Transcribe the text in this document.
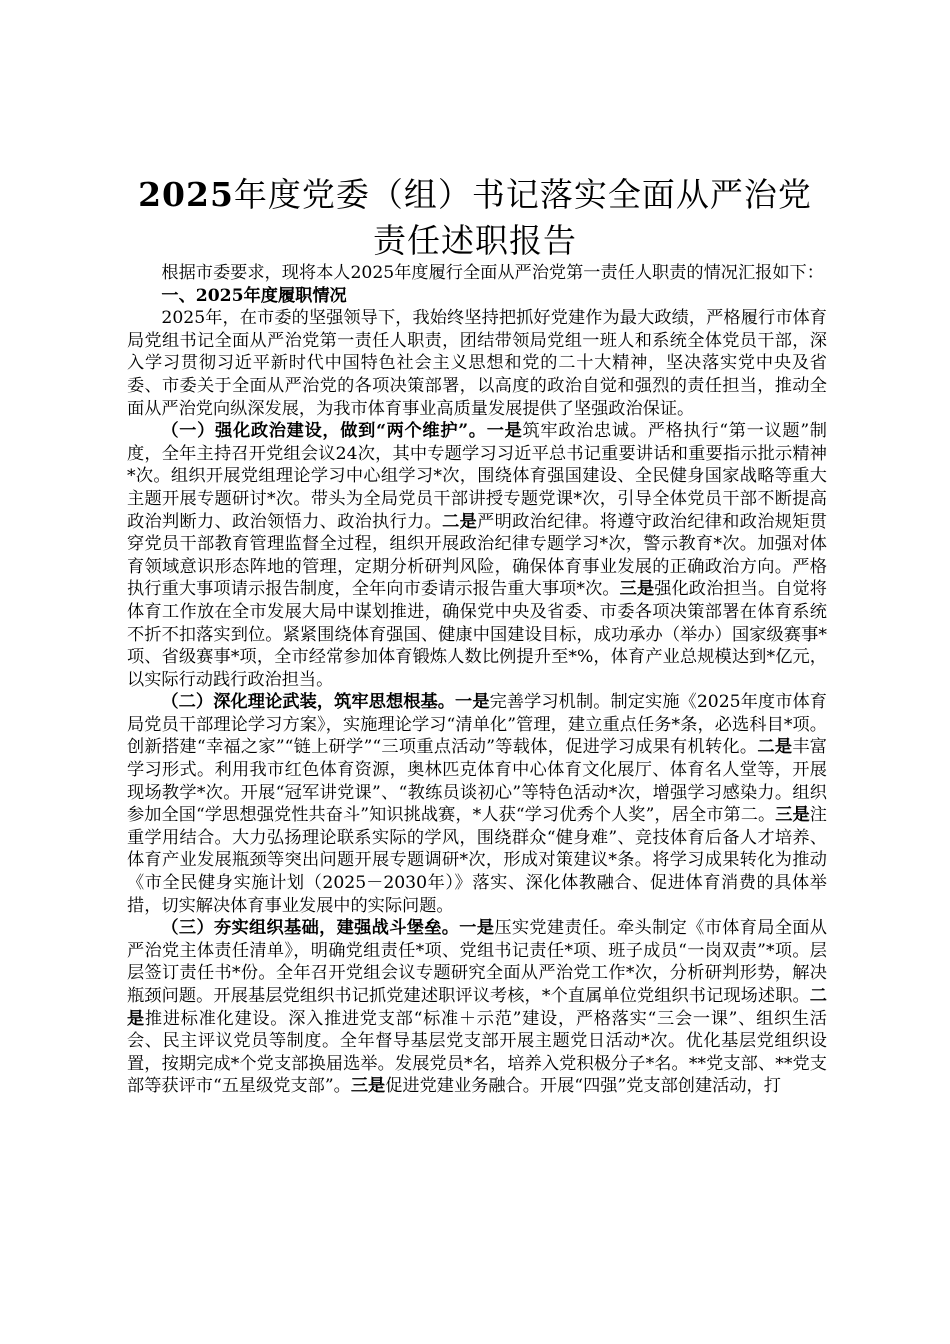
2025年度党委（组）书记落实全面从严治党
责任述职报告

根据市委要求，现将本人2025年度履行全面从严治党第一责任人职责的情况汇报如下：

一、2025年度履职情况

2025年，在市委的坚强领导下，我始终坚持把抓好党建作为最大政绩，严格履行市体育局党组书记全面从严治党第一责任人职责，团结带领局党组一班人和系统全体党员干部，深入学习贯彻习近平新时代中国特色社会主义思想和党的二十大精神，坚决落实党中央及省委、市委关于全面从严治党的各项决策部署，以高度的政治自觉和强烈的责任担当，推动全面从严治党向纵深发展，为我市体育事业高质量发展提供了坚强政治保证。

（一）强化政治建设，做到“两个维护”。一是筑牢政治忠诚。严格执行“第一议题”制度，全年主持召开党组会议24次，其中专题学习习近平总书记重要讲话和重要指示批示精神*次。组织开展党组理论学习中心组学习*次，围绕体育强国建设、全民健身国家战略等重大主题开展专题研讨*次。带头为全局党员干部讲授专题党课*次，引导全体党员干部不断提高政治判断力、政治领悟力、政治执行力。二是严明政治纪律。将遵守政治纪律和政治规矩贯穿党员干部教育管理监督全过程，组织开展政治纪律专题学习*次，警示教育*次。加强对体育领域意识形态阵地的管理，定期分析研判风险，确保体育事业发展的正确政治方向。严格执行重大事项请示报告制度，全年向市委请示报告重大事项*次。三是强化政治担当。自觉将体育工作放在全市发展大局中谋划推进，确保党中央及省委、市委各项决策部署在体育系统不折不扣落实到位。紧紧围绕体育强国、健康中国建设目标，成功承办（举办）国家级赛事*项、省级赛事*项，全市经常参加体育锻炼人数比例提升至*%，体育产业总规模达到*亿元，以实际行动践行政治担当。

（二）深化理论武装，筑牢思想根基。一是完善学习机制。制定实施《2025年度市体育局党员干部理论学习方案》，实施理论学习“清单化”管理，建立重点任务*条，必选科目*项。创新搭建“幸福之家”“链上研学”“三项重点活动”等载体，促进学习成果有机转化。二是丰富学习形式。利用我市红色体育资源，奥林匹克体育中心体育文化展厅、体育名人堂等，开展现场教学*次。开展“冠军讲党课”、“教练员谈初心”等特色活动*次，增强学习感染力。组织参加全国“学思想强党性共奋斗”知识挑战赛，*人获“学习优秀个人奖”，居全市第二。三是注重学用结合。大力弘扬理论联系实际的学风，围绕群众“健身难”、竞技体育后备人才培养、体育产业发展瓶颈等突出问题开展专题调研*次，形成对策建议*条。将学习成果转化为推动《市全民健身实施计划（2025－2030年）》落实、深化体教融合、促进体育消费的具体举措，切实解决体育事业发展中的实际问题。

（三）夯实组织基础，建强战斗堡垒。一是压实党建责任。牵头制定《市体育局全面从严治党主体责任清单》，明确党组责任*项、党组书记责任*项、班子成员“一岗双责”*项。层层签订责任书*份。全年召开党组会议专题研究全面从严治党工作*次，分析研判形势，解决瓶颈问题。开展基层党组织书记抓党建述职评议考核，*个直属单位党组织书记现场述职。二是推进标准化建设。深入推进党支部“标准＋示范”建设，严格落实“三会一课”、组织生活会、民主评议党员等制度。全年督导基层党支部开展主题党日活动*次。优化基层党组织设置，按期完成*个党支部换届选举。发展党员*名，培养入党积极分子*名。**党支部、**党支部等获评市“五星级党支部”。三是促进党建业务融合。开展“四强”党支部创建活动，打
